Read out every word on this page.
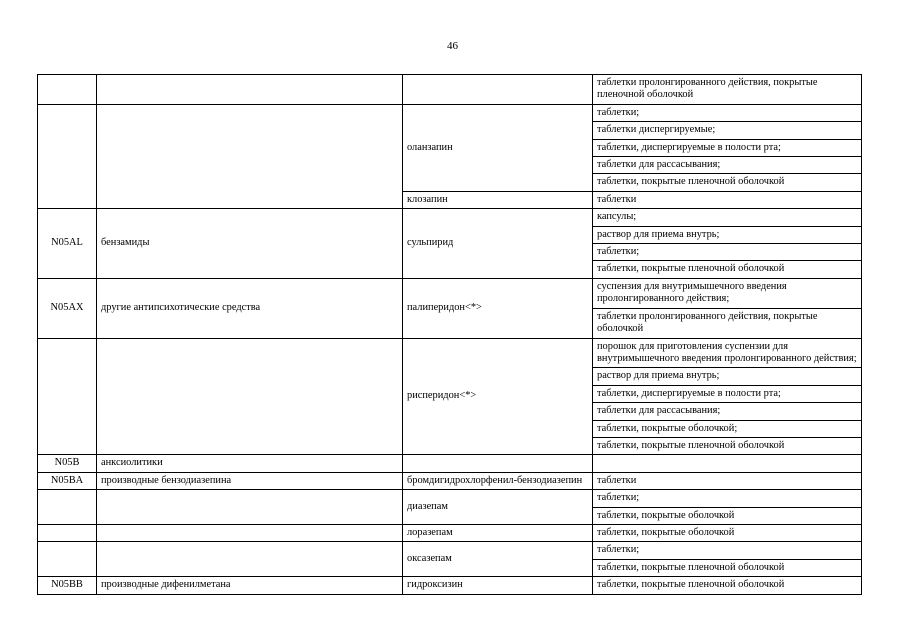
46
			таблетки пролонгированного действия, покрытые пленочной оболочкой
		оланзапин	таблетки;
			таблетки диспергируемые;
			таблетки, диспергируемые в полости рта;
			таблетки для рассасывания;
			таблетки, покрытые пленочной оболочкой
		клозапин	таблетки
N05AL	бензамиды	сульпирид	капсулы;
			раствор для приема внутрь;
			таблетки;
			таблетки, покрытые пленочной оболочкой
N05AX	другие антипсихотические средства	палиперидон<*>	суспензия для внутримышечного введения пролонгированного действия;
			таблетки пролонгированного действия, покрытые оболочкой
		рисперидон<*>	порошок для приготовления суспензии для внутримышечного введения пролонгированного действия;
			раствор для приема внутрь;
			таблетки, диспергируемые в полости рта;
			таблетки для рассасывания;
			таблетки, покрытые оболочкой;
			таблетки, покрытые пленочной оболочкой
N05B	анксиолитики		
N05BA	производные бензодиазепина	бромдигидрохлорфенил-бензодиазепин	таблетки
		диазепам	таблетки;
			таблетки, покрытые оболочкой
		лоразепам	таблетки, покрытые оболочкой
		оксазепам	таблетки;
			таблетки, покрытые пленочной оболочкой
N05BB	производные дифенилметана	гидроксизин	таблетки, покрытые пленочной оболочкой
